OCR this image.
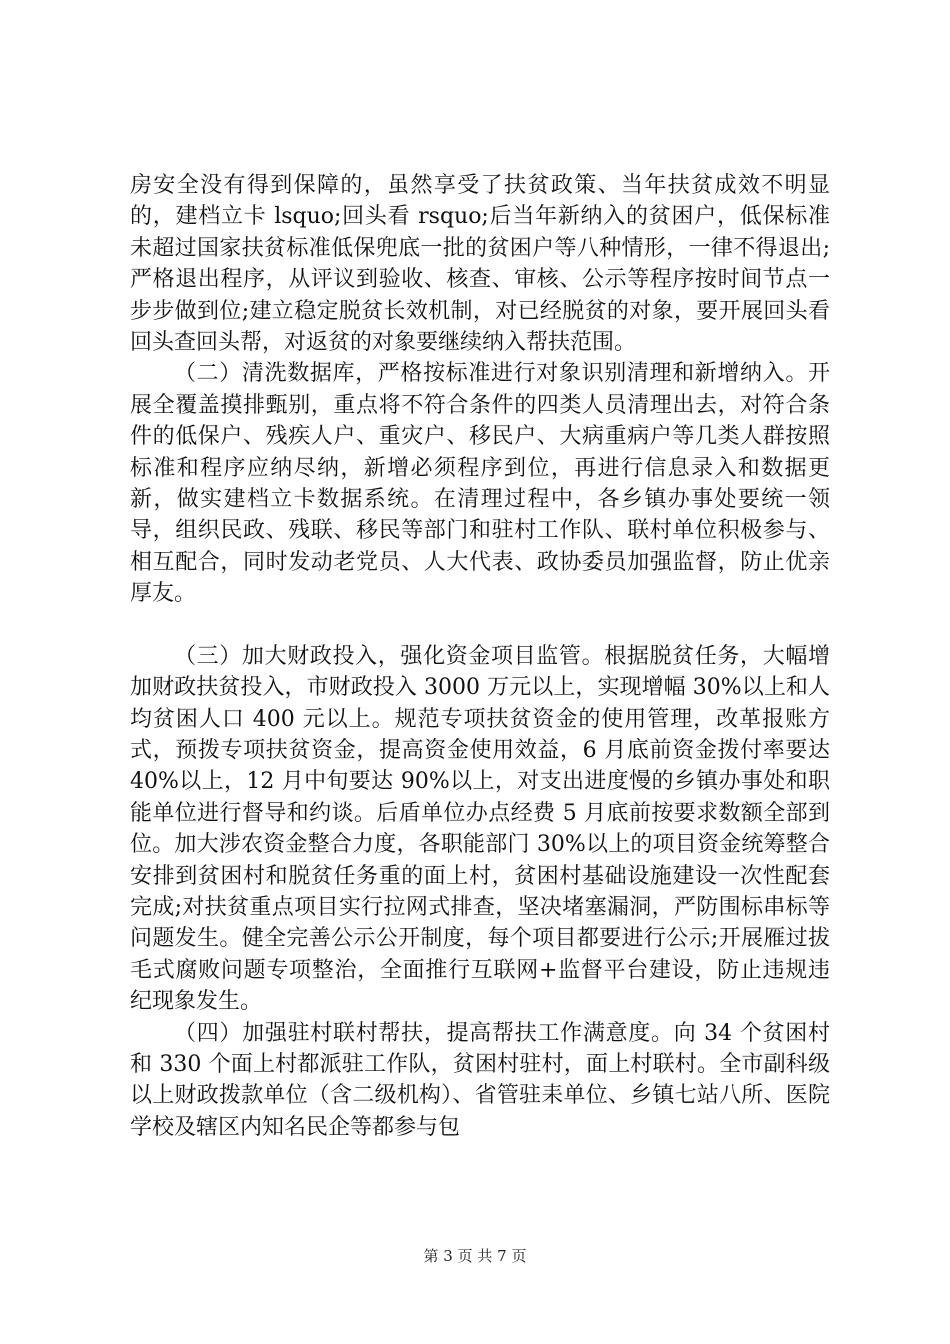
房安全没有得到保障的，虽然享受了扶贫政策、当年扶贫成效不明显的，建档立卡 lsquo;回头看 rsquo;后当年新纳入的贫困户，低保标准未超过国家扶贫标准低保兜底一批的贫困户等八种情形，一律不得退出;严格退出程序，从评议到验收、核查、审核、公示等程序按时间节点一步步做到位;建立稳定脱贫长效机制，对已经脱贫的对象，要开展回头看回头查回头帮，对返贫的对象要继续纳入帮扶范围。

（二）清洗数据库，严格按标准进行对象识别清理和新增纳入。开展全覆盖摸排甄别，重点将不符合条件的四类人员清理出去，对符合条件的低保户、残疾人户、重灾户、移民户、大病重病户等几类人群按照标准和程序应纳尽纳，新增必须程序到位，再进行信息录入和数据更新，做实建档立卡数据系统。在清理过程中，各乡镇办事处要统一领导，组织民政、残联、移民等部门和驻村工作队、联村单位积极参与、相互配合，同时发动老党员、人大代表、政协委员加强监督，防止优亲厚友。

（三）加大财政投入，强化资金项目监管。根据脱贫任务，大幅增加财政扶贫投入，市财政投入 3000 万元以上，实现增幅 30%以上和人均贫困人口 400 元以上。规范专项扶贫资金的使用管理，改革报账方式，预拨专项扶贫资金，提高资金使用效益，6 月底前资金拨付率要达 40%以上，12 月中旬要达 90%以上，对支出进度慢的乡镇办事处和职能单位进行督导和约谈。后盾单位办点经费 5 月底前按要求数额全部到位。加大涉农资金整合力度，各职能部门 30%以上的项目资金统筹整合安排到贫困村和脱贫任务重的面上村，贫困村基础设施建设一次性配套完成;对扶贫重点项目实行拉网式排查，坚决堵塞漏洞，严防围标串标等问题发生。健全完善公示公开制度，每个项目都要进行公示;开展雁过拔毛式腐败问题专项整治，全面推行互联网+监督平台建设，防止违规违纪现象发生。

（四）加强驻村联村帮扶，提高帮扶工作满意度。向 34 个贫困村和 330 个面上村都派驻工作队，贫困村驻村，面上村联村。全市副科级以上财政拨款单位（含二级机构）、省管驻耒单位、乡镇七站八所、医院学校及辖区内知名民企等都参与包

第 3 页 共 7 页
